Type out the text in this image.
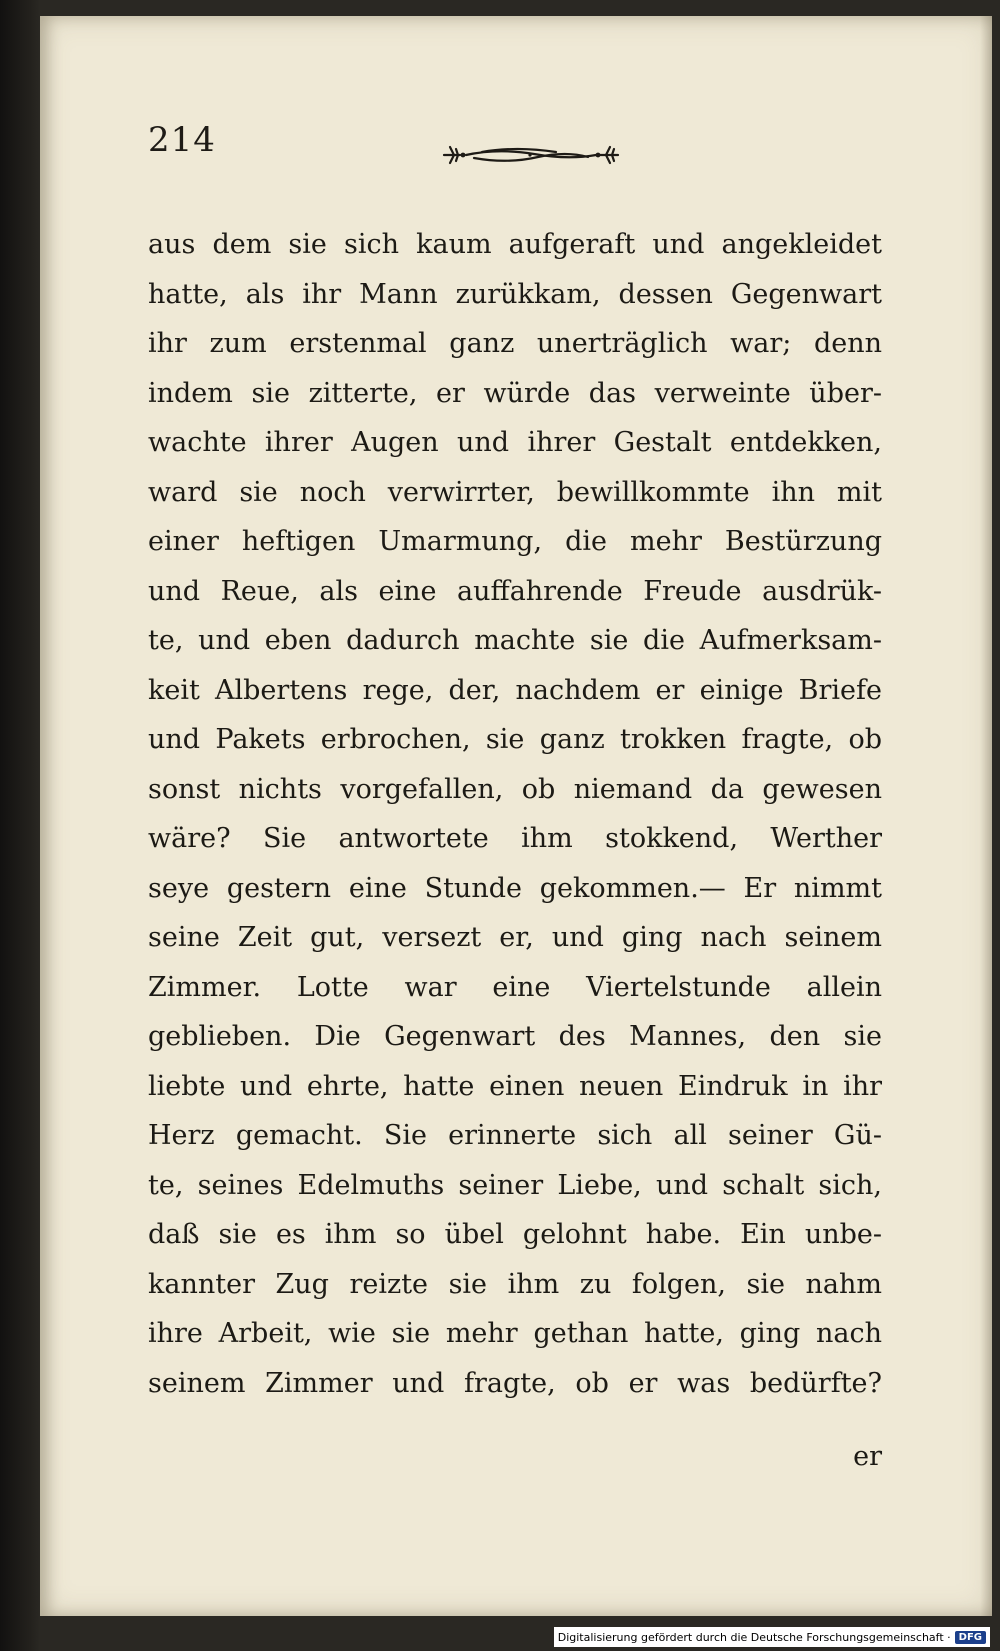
214
aus dem sie sich kaum aufgeraft und angekleidet
hatte, als ihr Mann zurükkam, dessen Gegenwart
ihr zum erstenmal ganz unerträglich war; denn
indem sie zitterte, er würde das verweinte über-
wachte ihrer Augen und ihrer Gestalt entdekken,
ward sie noch verwirrter, bewillkommte ihn mit
einer heftigen Umarmung, die mehr Bestürzung
und Reue, als eine auffahrende Freude ausdrük-
te, und eben dadurch machte sie die Aufmerksam-
keit Albertens rege, der, nachdem er einige Briefe
und Pakets erbrochen, sie ganz trokken fragte, ob
sonst nichts vorgefallen, ob niemand da gewesen
wäre? Sie antwortete ihm stokkend, Werther
seye gestern eine Stunde gekommen.— Er nimmt
seine Zeit gut, versezt er, und ging nach seinem
Zimmer. Lotte war eine Viertelstunde allein
geblieben. Die Gegenwart des Mannes, den sie
liebte und ehrte, hatte einen neuen Eindruk in ihr
Herz gemacht. Sie erinnerte sich all seiner Gü-
te, seines Edelmuths seiner Liebe, und schalt sich,
daß sie es ihm so übel gelohnt habe. Ein unbe-
kannter Zug reizte sie ihm zu folgen, sie nahm
ihre Arbeit, wie sie mehr gethan hatte, ging nach
seinem Zimmer und fragte, ob er was bedürfte?
er
Digitalisierung gefördert durch die Deutsche Forschungsgemeinschaft · DFG
